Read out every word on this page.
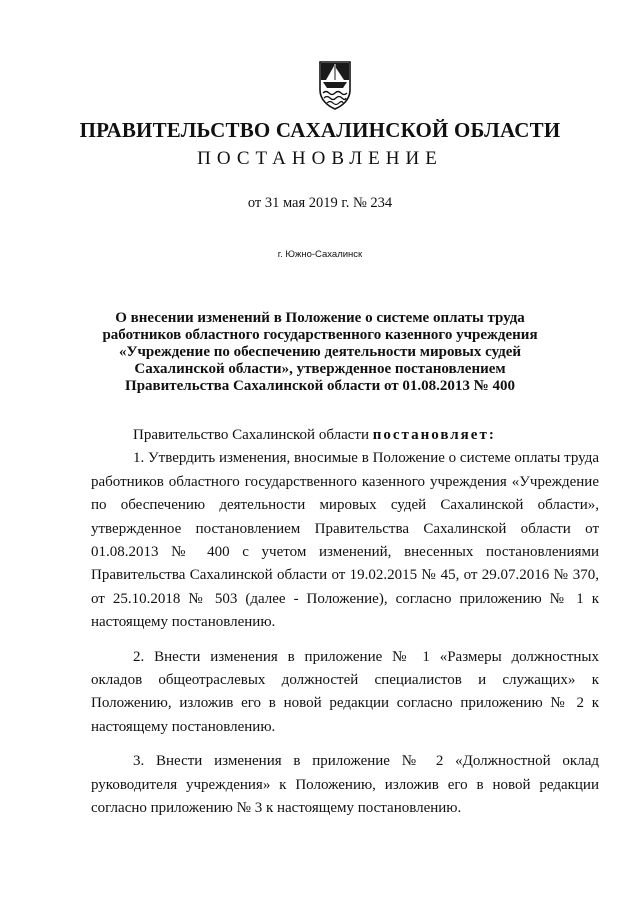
ПРАВИТЕЛЬСТВО САХАЛИНСКОЙ ОБЛАСТИ
ПОСТАНОВЛЕНИЕ
от 31 мая 2019 г. № 234
г. Южно-Сахалинск
О внесении изменений в Положение о системе оплаты труда
работников областного государственного казенного учреждения
«Учреждение по обеспечению деятельности мировых судей
Сахалинской области», утвержденное постановлением
Правительства Сахалинской области от 01.08.2013 № 400
Правительство Сахалинской области постановляет:
1. Утвердить изменения, вносимые в Положение о системе оплаты труда работников областного государственного казенного учреждения «Учреждение по обеспечению деятельности мировых судей Сахалинской области», утвержденное постановлением Правительства Сахалинской области от 01.08.2013 № 400 с учетом изменений, внесенных постановлениями Правительства Сахалинской области от 19.02.2015 № 45, от 29.07.2016 № 370, от 25.10.2018 № 503 (далее - Положение), согласно приложению № 1 к настоящему постановлению.
2. Внести изменения в приложение № 1 «Размеры должностных окладов общеотраслевых должностей специалистов и служащих» к Положению, изложив его в новой редакции согласно приложению № 2 к настоящему постановлению.
3. Внести изменения в приложение № 2 «Должностной оклад руководителя учреждения» к Положению, изложив его в новой редакции согласно приложению № 3 к настоящему постановлению.
